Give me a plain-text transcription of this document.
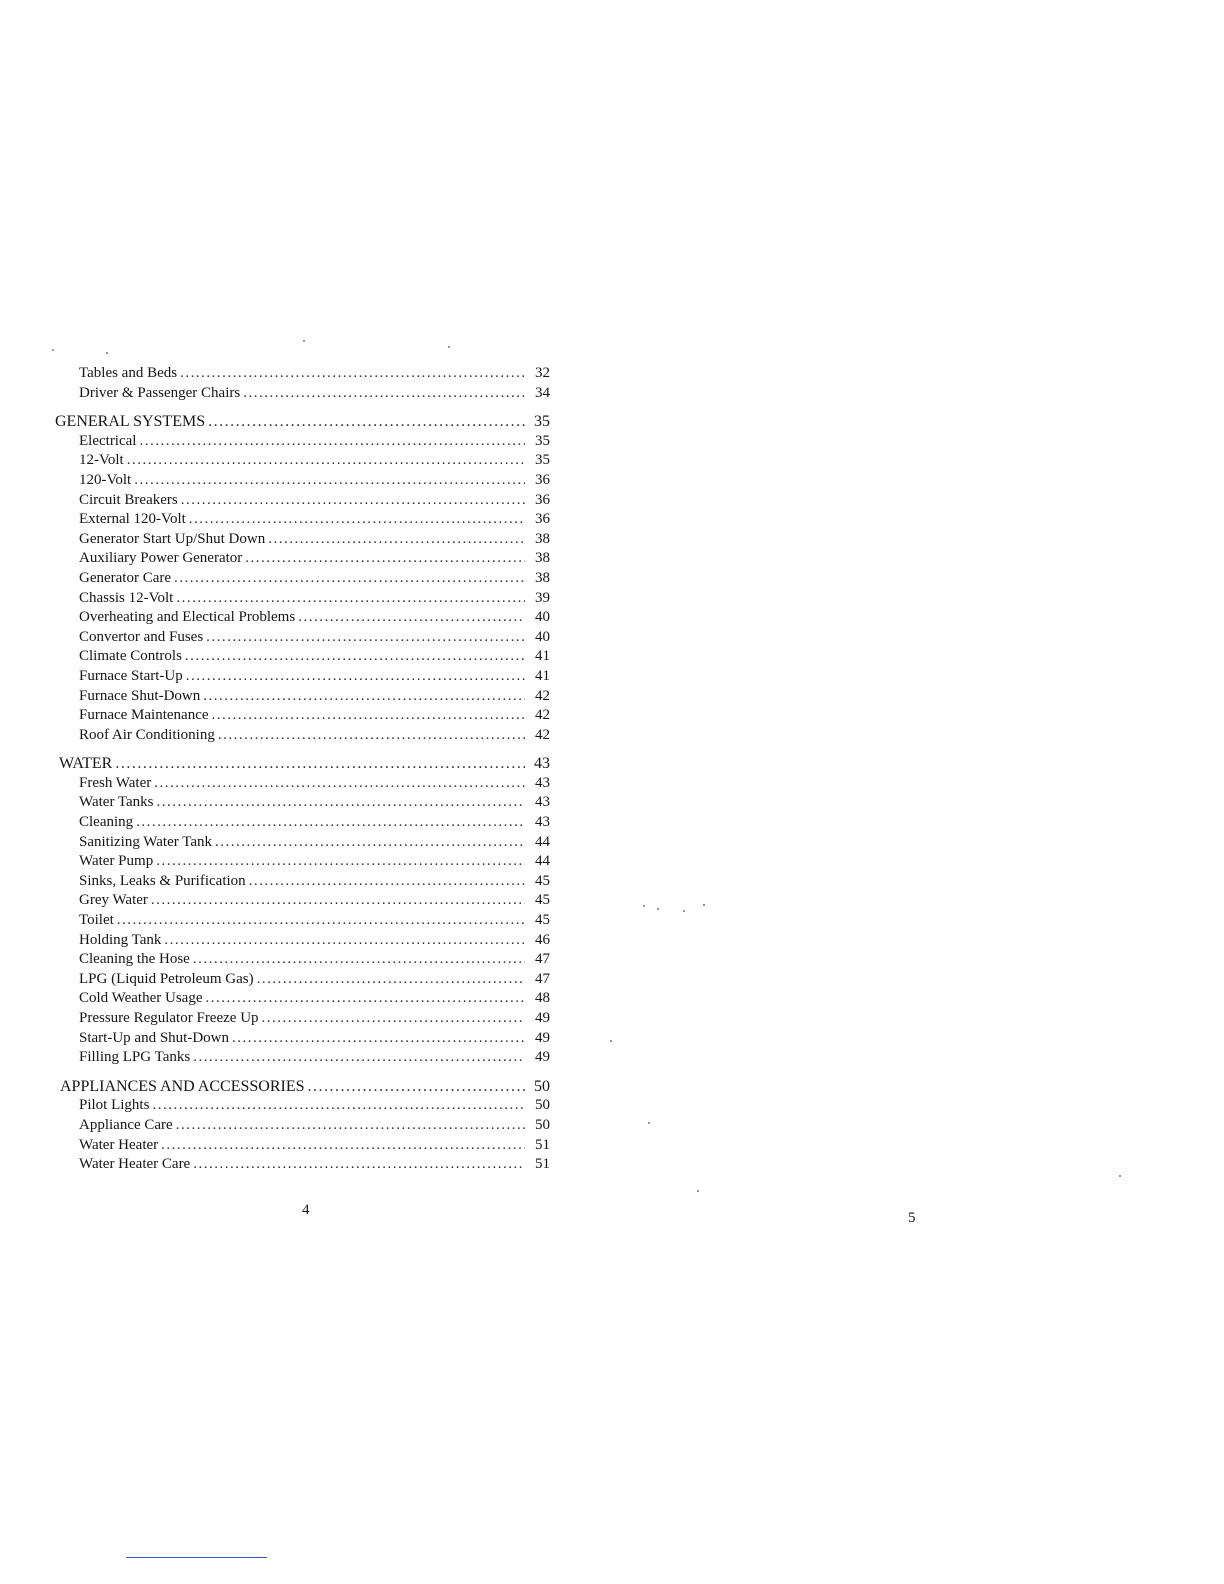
Tables and Beds .....	32
Driver & Passenger Chairs .....	34
GENERAL SYSTEMS .....	35
Electrical .....	35
12-Volt .....	35
120-Volt .....	36
Circuit Breakers .....	36
External 120-Volt .....	36
Generator Start Up/Shut Down .....	38
Auxiliary Power Generator .....	38
Generator Care .....	38
Chassis 12-Volt .....	39
Overheating and Electical Problems .....	40
Convertor and Fuses .....	40
Climate Controls .....	41
Furnace Start-Up .....	41
Furnace Shut-Down .....	42
Furnace Maintenance .....	42
Roof Air Conditioning .....	42
WATER .....	43
Fresh Water .....	43
Water Tanks .....	43
Cleaning .....	43
Sanitizing Water Tank .....	44
Water Pump .....	44
Sinks, Leaks & Purification .....	45
Grey Water .....	45
Toilet .....	45
Holding Tank .....	46
Cleaning the Hose .....	47
LPG (Liquid Petroleum Gas) .....	47
Cold Weather Usage .....	48
Pressure Regulator Freeze Up .....	49
Start-Up and Shut-Down .....	49
Filling LPG Tanks .....	49
APPLIANCES AND ACCESSORIES .....	50
Pilot Lights .....	50
Appliance Care .....	50
Water Heater .....	51
Water Heater Care .....	51
4	5
